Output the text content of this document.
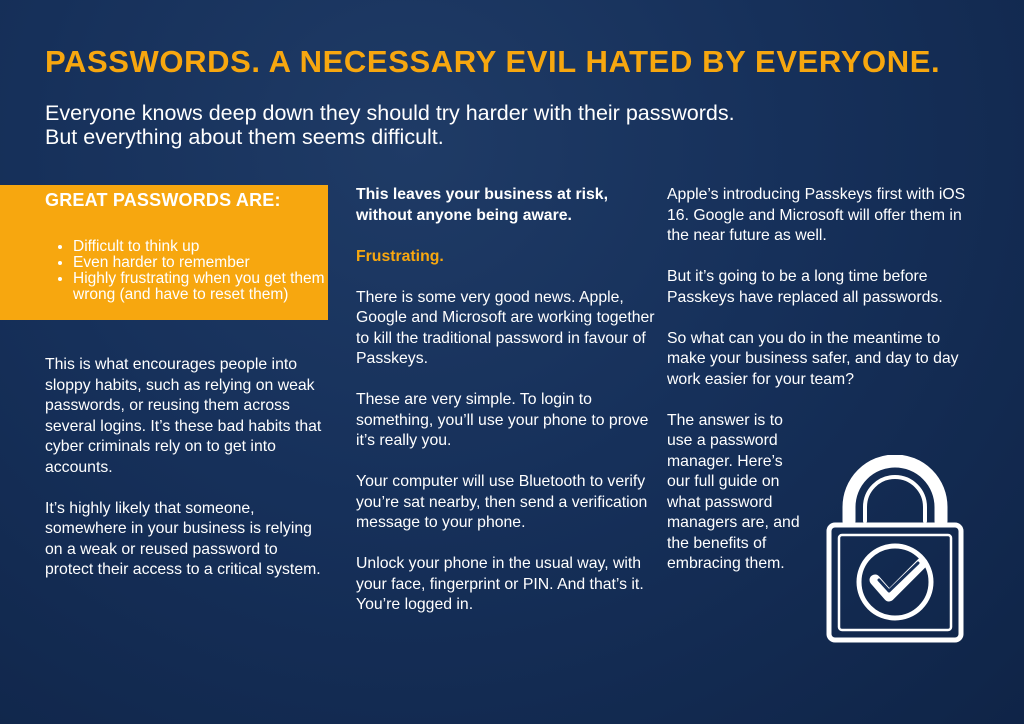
PASSWORDS. A NECESSARY EVIL HATED BY EVERYONE.
Everyone knows deep down they should try harder with their passwords.
But everything about them seems difficult.
GREAT PASSWORDS ARE:
• Difficult to think up
• Even harder to remember
• Highly frustrating when you get them wrong (and have to reset them)

This is what encourages people into sloppy habits, such as relying on weak passwords, or reusing them across several logins. It’s these bad habits that cyber criminals rely on to get into accounts.

It’s highly likely that someone, somewhere in your business is relying on a weak or reused password to protect their access to a critical system.

This leaves your business at risk, without anyone being aware.

Frustrating.

There is some very good news. Apple, Google and Microsoft are working together to kill the traditional password in favour of Passkeys.

These are very simple. To login to something, you’ll use your phone to prove it’s really you.

Your computer will use Bluetooth to verify you’re sat nearby, then send a verification message to your phone.

Unlock your phone in the usual way, with your face, fingerprint or PIN. And that’s it. You’re logged in.

Apple’s introducing Passkeys first with iOS 16. Google and Microsoft will offer them in the near future as well.

But it’s going to be a long time before Passkeys have replaced all passwords.

So what can you do in the meantime to make your business safer, and day to day work easier for your team?

The answer is to use a password manager. Here’s our full guide on what password managers are, and the benefits of embracing them.
